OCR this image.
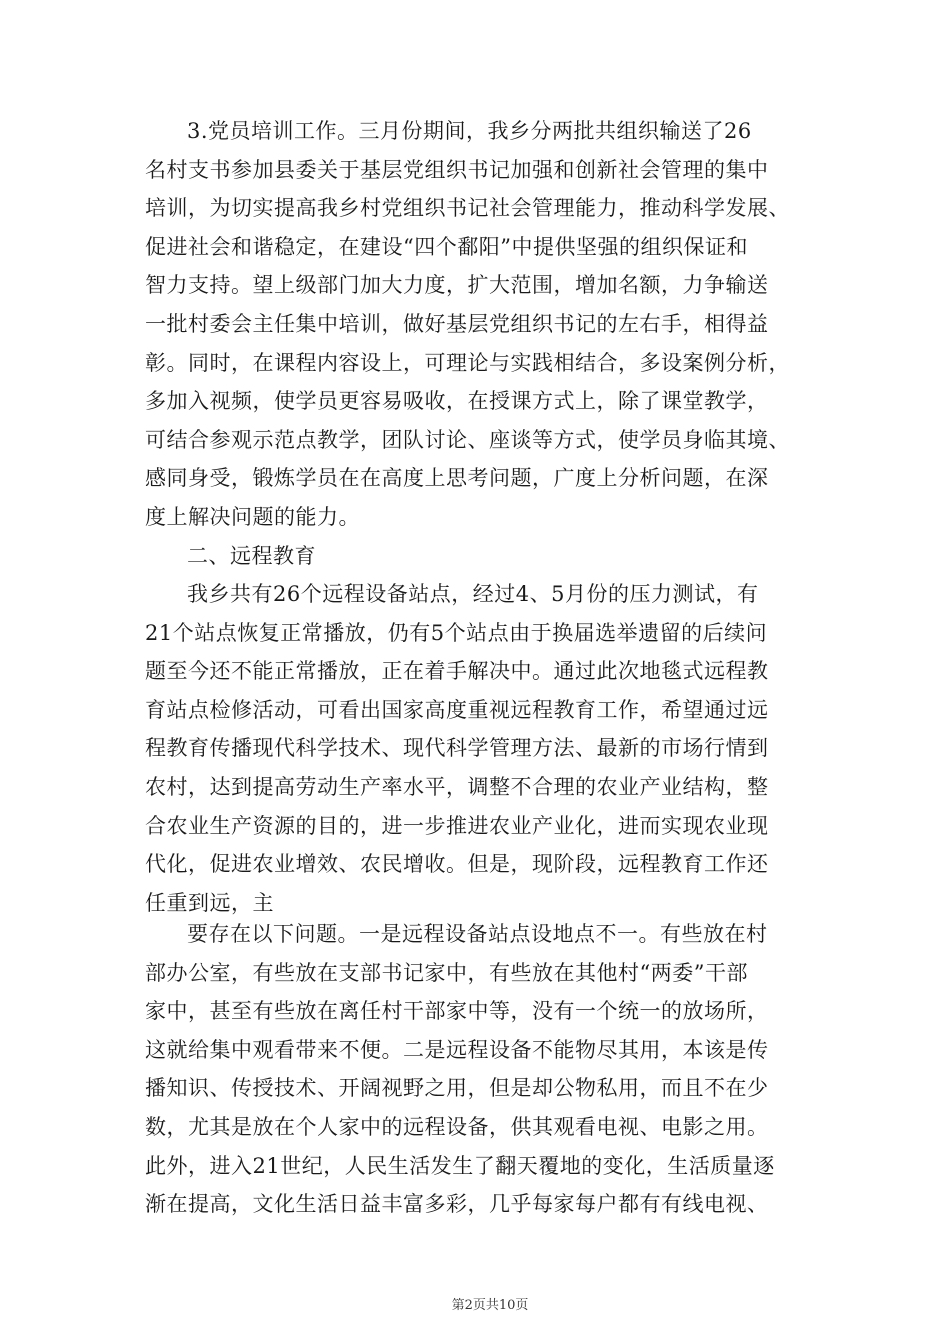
3.党员培训工作。三月份期间，我乡分两批共组织输送了26
名村支书参加县委关于基层党组织书记加强和创新社会管理的集中
培训，为切实提高我乡村党组织书记社会管理能力，推动科学发展、
促进社会和谐稳定，在建设“四个鄱阳”中提供坚强的组织保证和
智力支持。望上级部门加大力度，扩大范围，增加名额，力争输送
一批村委会主任集中培训，做好基层党组织书记的左右手，相得益
彰。同时，在课程内容设上，可理论与实践相结合，多设案例分析，
多加入视频，使学员更容易吸收，在授课方式上，除了课堂教学，
可结合参观示范点教学，团队讨论、座谈等方式，使学员身临其境、
感同身受，锻炼学员在在高度上思考问题，广度上分析问题，在深
度上解决问题的能力。

二、远程教育

我乡共有26个远程设备站点，经过4、5月份的压力测试，有
21个站点恢复正常播放，仍有5个站点由于换届选举遗留的后续问
题至今还不能正常播放，正在着手解决中。通过此次地毯式远程教
育站点检修活动，可看出国家高度重视远程教育工作，希望通过远
程教育传播现代科学技术、现代科学管理方法、最新的市场行情到
农村，达到提高劳动生产率水平，调整不合理的农业产业结构，整
合农业生产资源的目的，进一步推进农业产业化，进而实现农业现
代化，促进农业增效、农民增收。但是，现阶段，远程教育工作还
任重到远，主

要存在以下问题。一是远程设备站点设地点不一。有些放在村
部办公室，有些放在支部书记家中，有些放在其他村“两委”干部
家中，甚至有些放在离任村干部家中等，没有一个统一的放场所，
这就给集中观看带来不便。二是远程设备不能物尽其用，本该是传
播知识、传授技术、开阔视野之用，但是却公物私用，而且不在少
数，尤其是放在个人家中的远程设备，供其观看电视、电影之用。
此外，进入21世纪，人民生活发生了翻天覆地的变化，生活质量逐
渐在提高，文化生活日益丰富多彩，几乎每家每户都有有线电视、

第2页共10页
